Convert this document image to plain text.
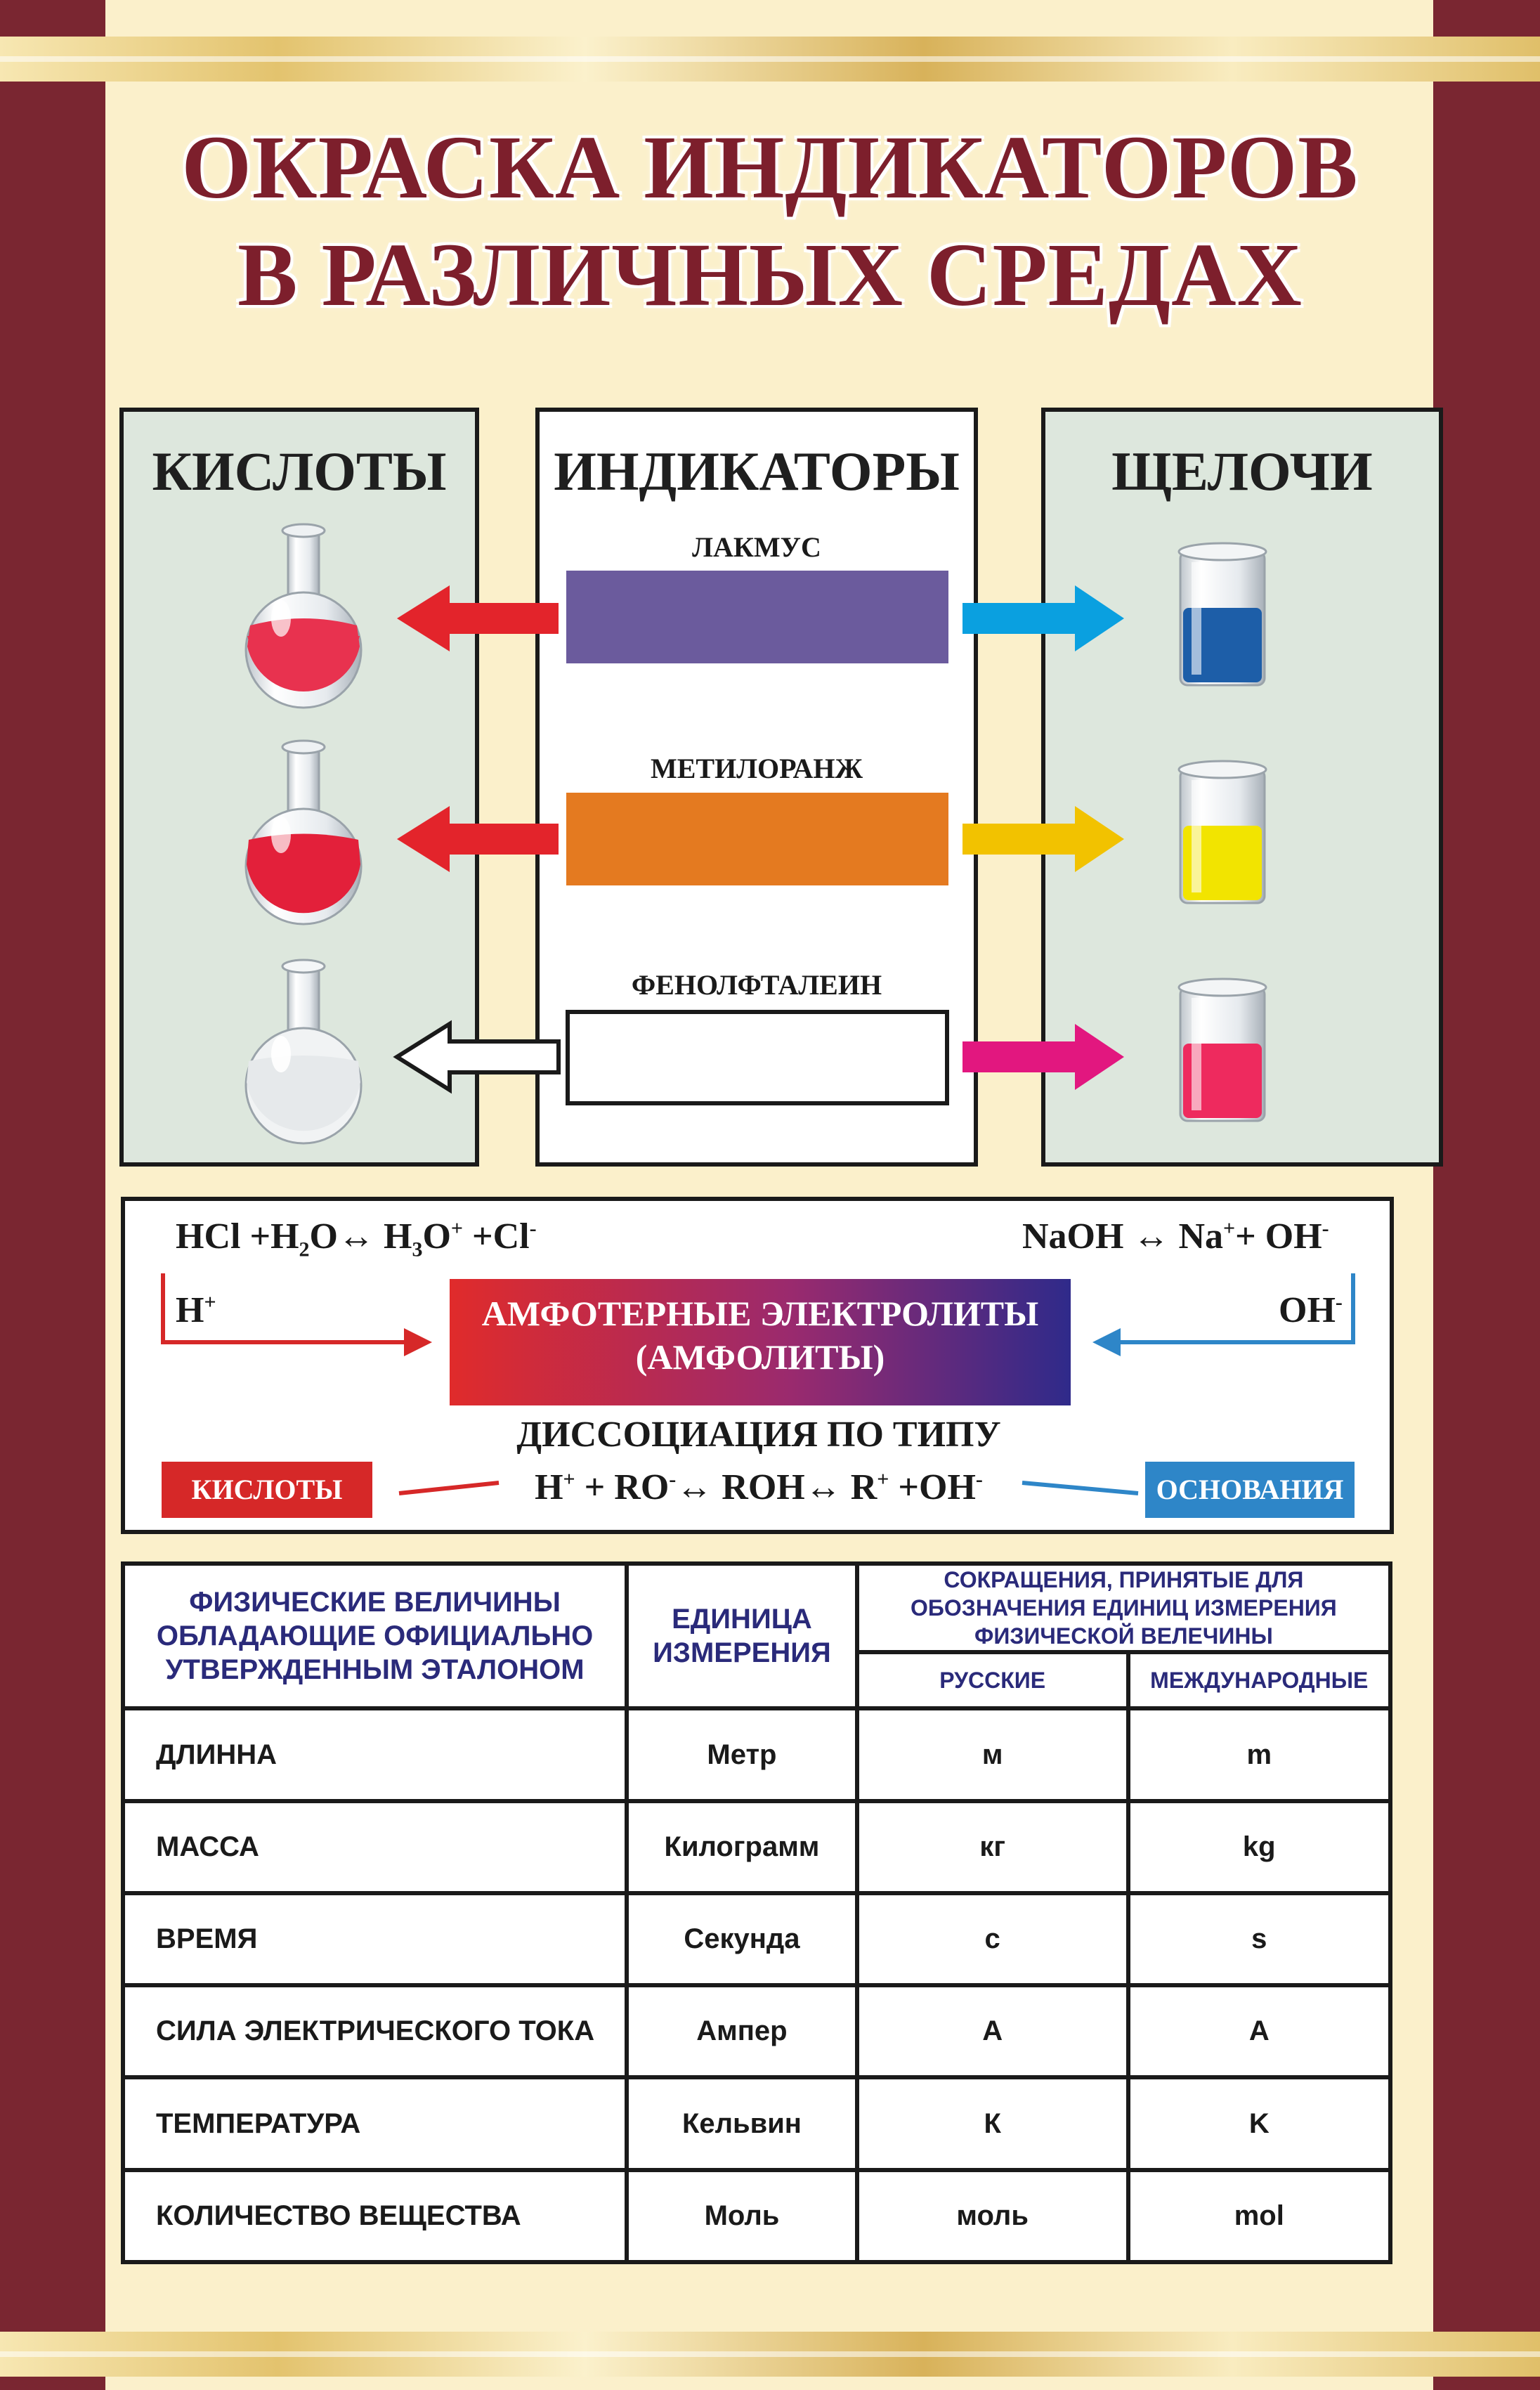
ОКРАСКА ИНДИКАТОРОВ
В РАЗЛИЧНЫХ СРЕДАХ
КИСЛОТЫ	ИНДИКАТОРЫ	ЩЕЛОЧИ
ЛАКМУС
МЕТИЛОРАНЖ
ФЕНОЛФТАЛЕИН
HCl $+H_2O\leftrightarrow$ $H_3O^+ +Cl^-$	NaOH ↔ Na++ OH-
H+	OH-
АМФОТЕРНЫЕ ЭЛЕКТРОЛИТЫ
(АМФОЛИТЫ)
ДИССОЦИАЦИЯ ПО ТИПУ
H+ + RO-↔ ROH↔ R+ +OH-
КИСЛОТЫ	ОСНОВАНИЯ
ФИЗИЧЕСКИЕ ВЕЛИЧИНЫ ОБЛАДАЮЩИЕ ОФИЦИАЛЬНО УТВЕРЖДЕННЫМ ЭТАЛОНОМ	ЕДИНИЦА ИЗМЕРЕНИЯ	СОКРАЩЕНИЯ, ПРИНЯТЫЕ ДЛЯ ОБОЗНАЧЕНИЯ ЕДИНИЦ ИЗМЕРЕНИЯ ФИЗИЧЕСКОЙ ВЕЛЕЧИНЫ	
		РУССКИЕ	МЕЖДУНАРОДНЫЕ
ДЛИННА	Метр	м	m
МАССА	Килограмм	кг	kg
ВРЕМЯ	Секунда	с	s
СИЛА ЭЛЕКТРИЧЕСКОГО ТОКА	Ампер	А	A
ТЕМПЕРАТУРА	Кельвин	К	K
КОЛИЧЕСТВО ВЕЩЕСТВА	Моль	моль	mol
